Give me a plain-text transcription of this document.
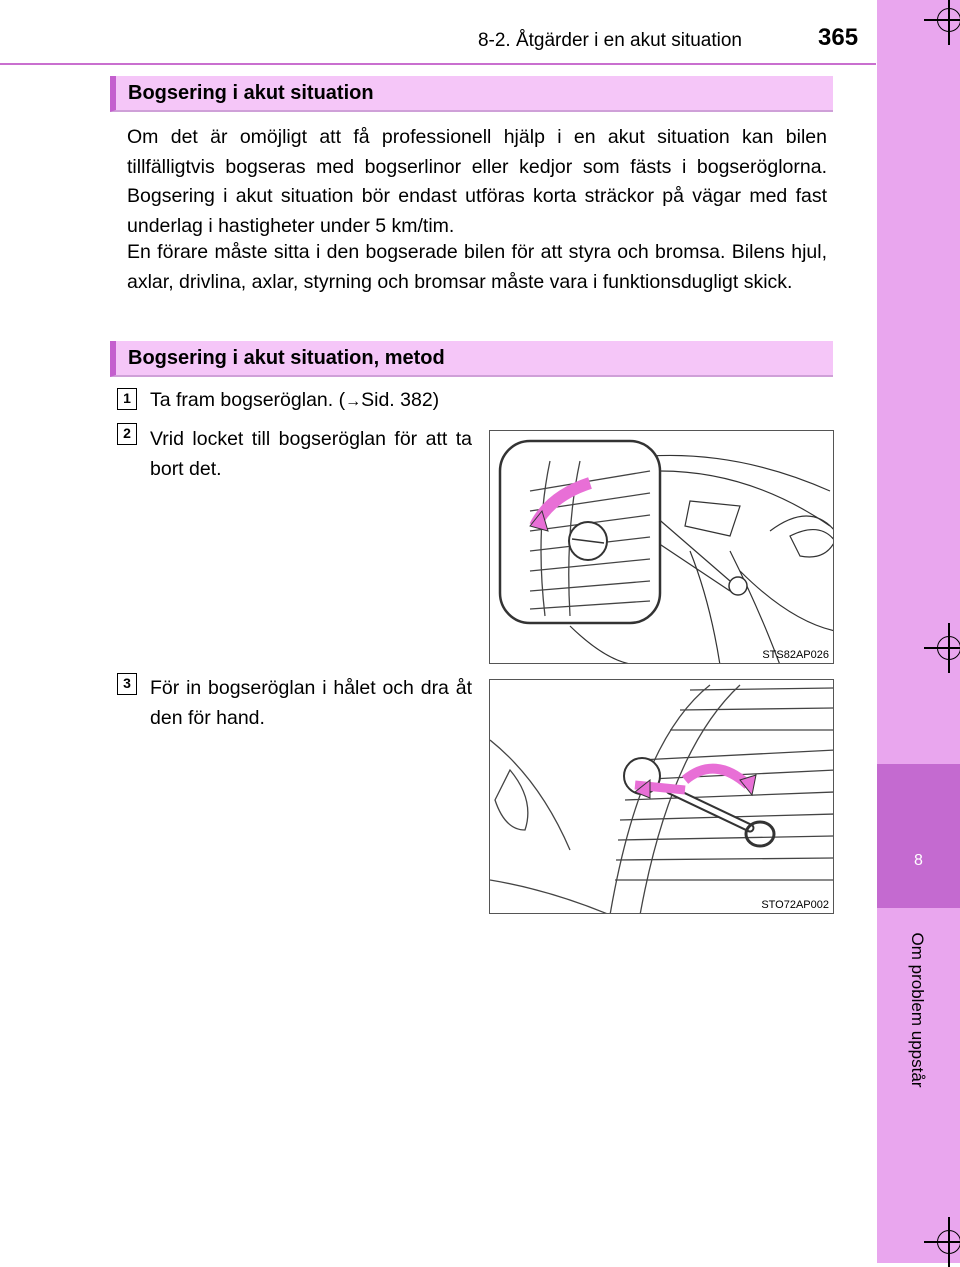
8-2. Åtgärder i en akut situation	365
8
Om problem uppstår
Bogsering i akut situation
Om det är omöjligt att få professionell hjälp i en akut situation kan bilen tillfälligtvis bogseras med bogserlinor eller kedjor som fästs i bogseröglorna. Bogsering i akut situation bör endast utföras korta sträckor på vägar med fast underlag i hastigheter under 5 km/tim.
En förare måste sitta i den bogserade bilen för att styra och bromsa. Bilens hjul, axlar, drivlina, axlar, styrning och bromsar måste vara i funktionsdugligt skick.
Bogsering i akut situation, metod
1 Ta fram bogseröglan. (→Sid. 382)
2 Vrid locket till bogseröglan för att ta bort det.
STS82AP026
3 För in bogseröglan i hålet och dra åt den för hand.
STO72AP002
